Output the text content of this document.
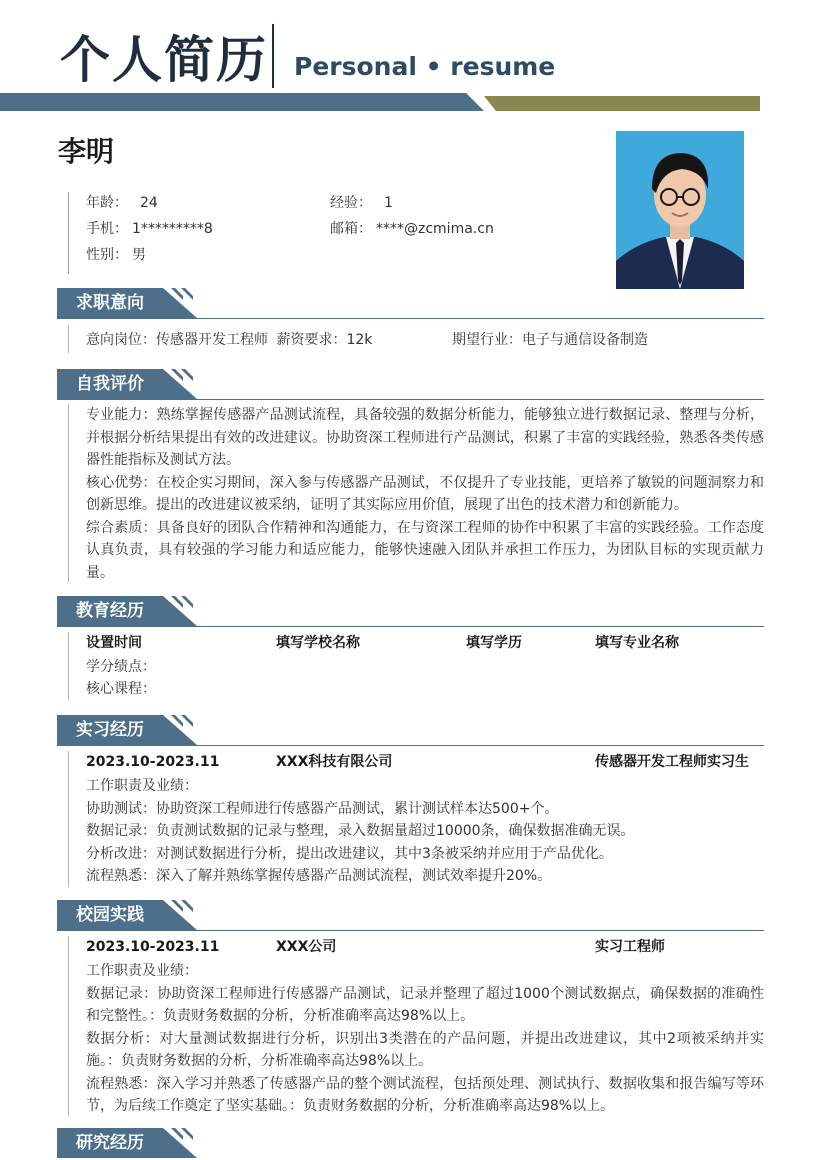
个人简历 Personal • resume
李明
年龄： 24	经验： 1
手机： 1*********8	邮箱： ****@zcmima.cn
性别： 男
求职意向
意向岗位：传感器开发工程师 薪资要求：12k	期望行业：电子与通信设备制造
自我评价
专业能力：熟练掌握传感器产品测试流程，具备较强的数据分析能力，能够独立进行数据记录、整理与分析，并根据分析结果提出有效的改进建议。协助资深工程师进行产品测试，积累了丰富的实践经验，熟悉各类传感器性能指标及测试方法。
核心优势：在校企实习期间，深入参与传感器产品测试，不仅提升了专业技能，更培养了敏锐的问题洞察力和创新思维。提出的改进建议被采纳，证明了其实际应用价值，展现了出色的技术潜力和创新能力。
综合素质：具备良好的团队合作精神和沟通能力，在与资深工程师的协作中积累了丰富的实践经验。工作态度认真负责，具有较强的学习能力和适应能力，能够快速融入团队并承担工作压力，为团队目标的实现贡献力量。
教育经历
设置时间	填写学校名称	填写学历	填写专业名称
学分绩点：
核心课程：
实习经历
2023.10-2023.11	XXX科技有限公司	传感器开发工程师实习生
工作职责及业绩：
协助测试：协助资深工程师进行传感器产品测试，累计测试样本达500+个。
数据记录：负责测试数据的记录与整理，录入数据量超过10000条，确保数据准确无误。
分析改进：对测试数据进行分析，提出改进建议，其中3条被采纳并应用于产品优化。
流程熟悉：深入了解并熟练掌握传感器产品测试流程，测试效率提升20%。
校园实践
2023.10-2023.11	XXX公司	实习工程师
工作职责及业绩：
数据记录：协助资深工程师进行传感器产品测试，记录并整理了超过1000个测试数据点，确保数据的准确性和完整性。：负责财务数据的分析，分析准确率高达98%以上。
数据分析：对大量测试数据进行分析，识别出3类潜在的产品问题，并提出改进建议，其中2项被采纳并实施。：负责财务数据的分析，分析准确率高达98%以上。
流程熟悉：深入学习并熟悉了传感器产品的整个测试流程，包括预处理、测试执行、数据收集和报告编写等环节，为后续工作奠定了坚实基础。：负责财务数据的分析，分析准确率高达98%以上。
研究经历
